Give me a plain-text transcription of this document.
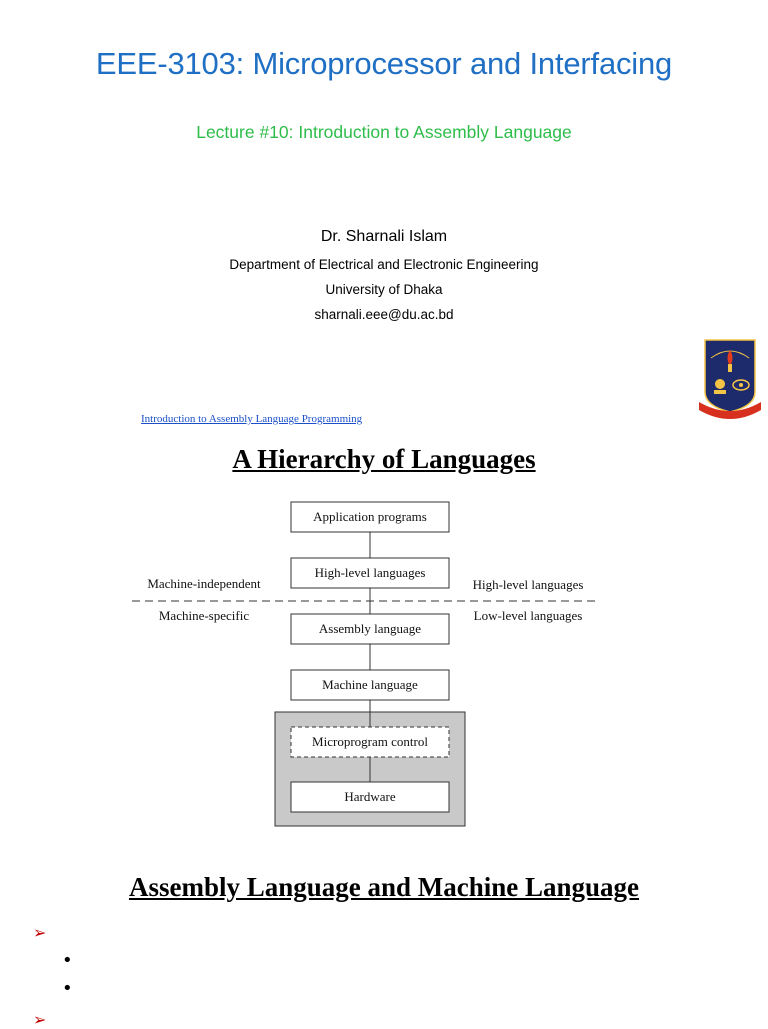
EEE-3103: Microprocessor and Interfacing
Lecture #10: Introduction to Assembly Language
Dr. Sharnali Islam
Department of Electrical and Electronic Engineering
University of Dhaka
sharnali.eee@du.ac.bd
Introduction to Assembly Language Programming
A Hierarchy of Languages
Application programs
High-level languages
Assembly language
Machine language
Microprogram control
Hardware
Machine-independent
Machine-specific
High-level languages
Low-level languages
Assembly Language and Machine Language
➢
•
•
➢
